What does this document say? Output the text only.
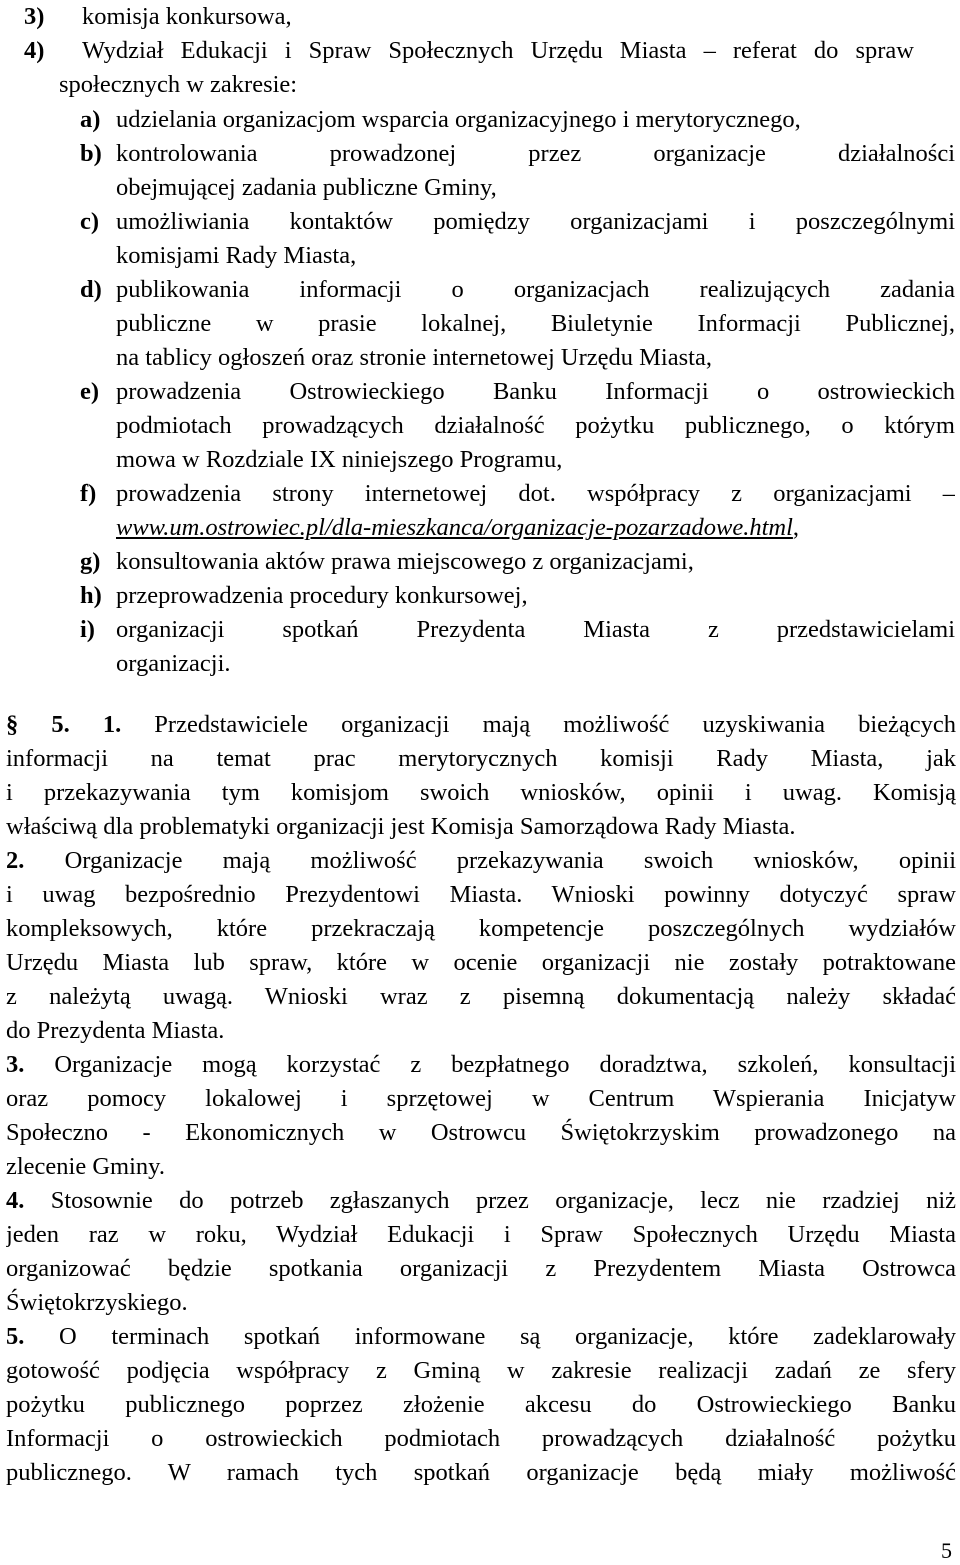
3) komisja konkursowa,
4) Wydział Edukacji i Spraw Społecznych Urzędu Miasta – referat do spraw
społecznych w zakresie:
a) udzielania organizacjom wsparcia organizacyjnego i merytorycznego,
b) kontrolowania prowadzonej przez organizacje działalności
obejmującej zadania publiczne Gminy,
c) umożliwiania kontaktów pomiędzy organizacjami i poszczególnymi
komisjami Rady Miasta,
d) publikowania informacji o organizacjach realizujących zadania
publiczne w prasie lokalnej, Biuletynie Informacji Publicznej,
na tablicy ogłoszeń oraz stronie internetowej Urzędu Miasta,
e) prowadzenia Ostrowieckiego Banku Informacji o ostrowieckich
podmiotach prowadzących działalność pożytku publicznego, o którym
mowa w Rozdziale IX niniejszego Programu,
f) prowadzenia strony internetowej dot. współpracy z organizacjami –
www.um.ostrowiec.pl/dla-mieszkanca/organizacje-pozarzadowe.html,
g) konsultowania aktów prawa miejscowego z organizacjami,
h) przeprowadzenia procedury konkursowej,
i) organizacji spotkań Prezydenta Miasta z przedstawicielami
organizacji.
§ 5. 1. Przedstawiciele organizacji mają możliwość uzyskiwania bieżących
informacji na temat prac merytorycznych komisji Rady Miasta, jak
i przekazywania tym komisjom swoich wniosków, opinii i uwag. Komisją
właściwą dla problematyki organizacji jest Komisja Samorządowa Rady Miasta.
2. Organizacje mają możliwość przekazywania swoich wniosków, opinii
i uwag bezpośrednio Prezydentowi Miasta. Wnioski powinny dotyczyć spraw
kompleksowych, które przekraczają kompetencje poszczególnych wydziałów
Urzędu Miasta lub spraw, które w ocenie organizacji nie zostały potraktowane
z należytą uwagą. Wnioski wraz z pisemną dokumentacją należy składać
do Prezydenta Miasta.
3. Organizacje mogą korzystać z bezpłatnego doradztwa, szkoleń, konsultacji
oraz pomocy lokalowej i sprzętowej w Centrum Wspierania Inicjatyw
Społeczno - Ekonomicznych w Ostrowcu Świętokrzyskim prowadzonego na
zlecenie Gminy.
4. Stosownie do potrzeb zgłaszanych przez organizacje, lecz nie rzadziej niż
jeden raz w roku, Wydział Edukacji i Spraw Społecznych Urzędu Miasta
organizować będzie spotkania organizacji z Prezydentem Miasta Ostrowca
Świętokrzyskiego.
5. O terminach spotkań informowane są organizacje, które zadeklarowały
gotowość podjęcia współpracy z Gminą w zakresie realizacji zadań ze sfery
pożytku publicznego poprzez złożenie akcesu do Ostrowieckiego Banku
Informacji o ostrowieckich podmiotach prowadzących działalność pożytku
publicznego. W ramach tych spotkań organizacje będą miały możliwość
5
